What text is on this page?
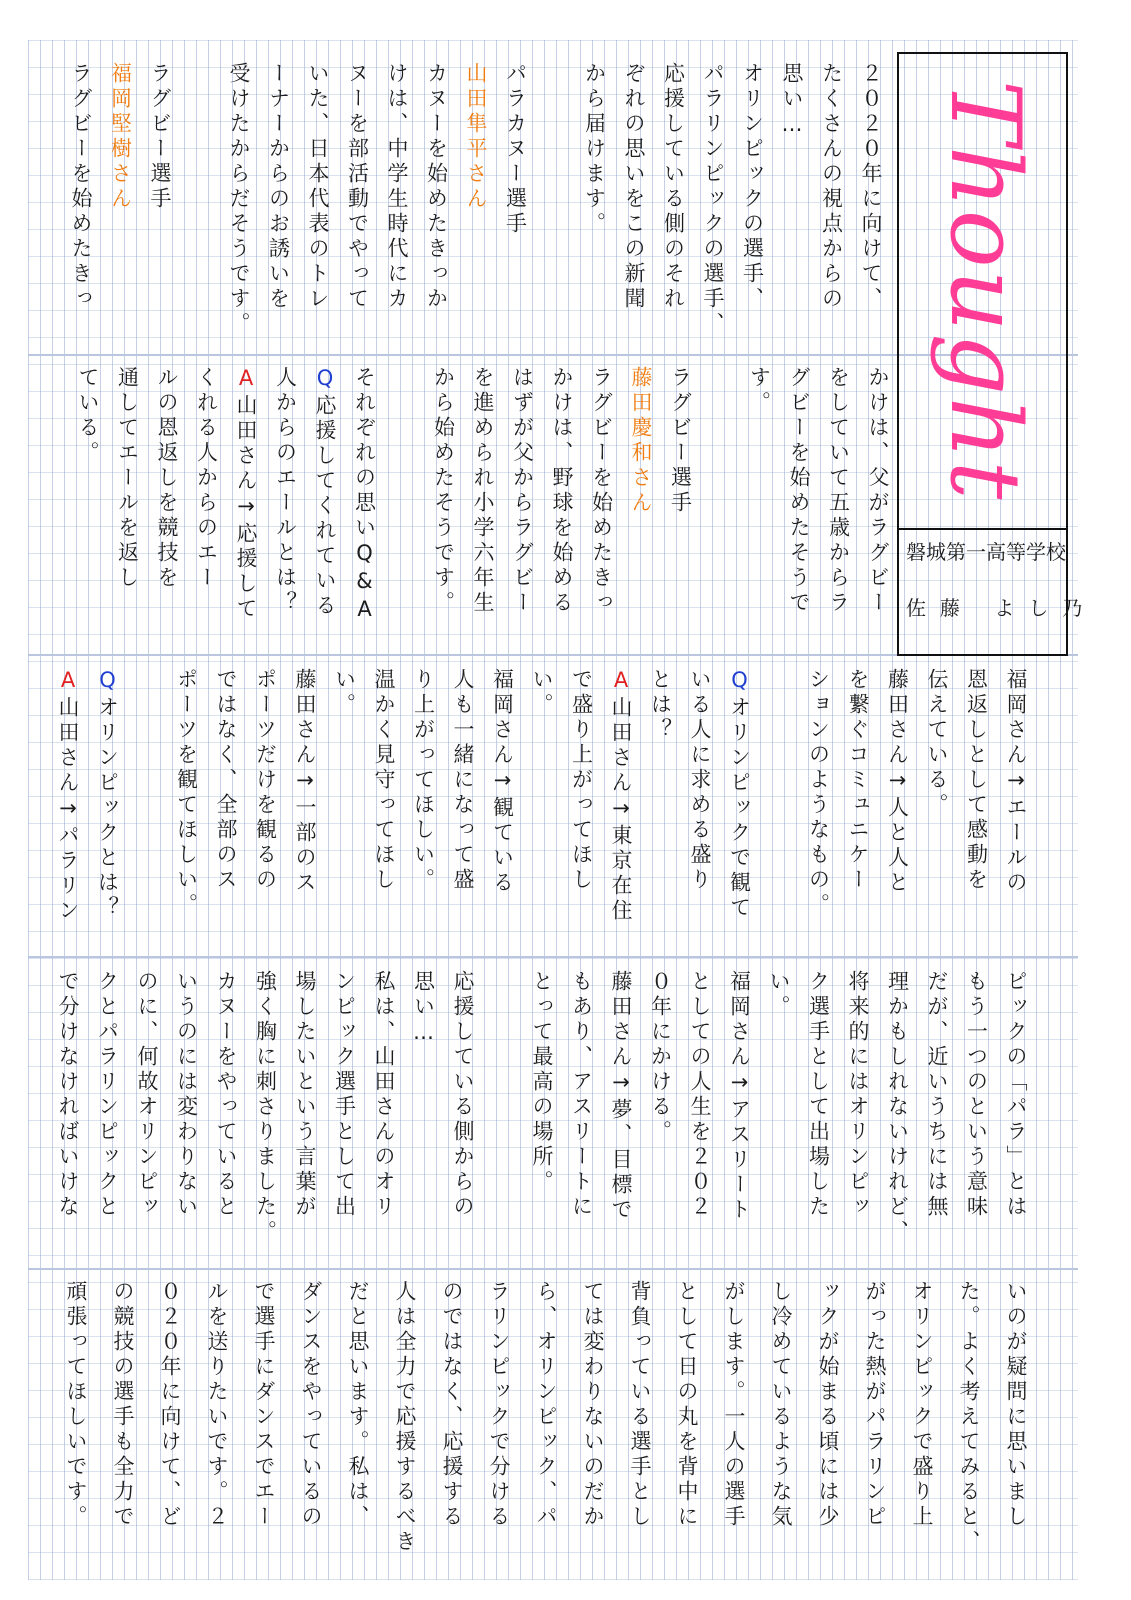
Thought
磐城第一高等学校
佐藤 よし乃
２０２０年に向けて、
たくさんの視点からの
思い…
オリンピックの選手、
パラリンピックの選手、
応援している側のそれ
ぞれの思いをこの新聞
から届けます。
パラカヌー選手
山田隼平さん
カヌーを始めたきっか
けは、中学生時代にカ
ヌーを部活動でやって
いた、日本代表のトレ
ーナーからのお誘いを
受けたからだそうです。
ラグビー選手
福岡堅樹さん
ラグビーを始めたきっ
かけは、父がラグビー
をしていて五歳からラ
グビーを始めたそうで
す。
ラグビー選手
藤田慶和さん
ラグビーを始めたきっ
かけは、野球を始める
はずが父からラグビー
を進められ小学六年生
から始めたそうです。
それぞれの思いQ&A
Q応援してくれている
人からのエールとは？
A山田さん→応援して
くれる人からのエー
ルの恩返しを競技を
通してエールを返し
ている。
福岡さん→エールの
恩返しとして感動を
伝えている。
藤田さん→人と人と
を繋ぐコミュニケー
ションのようなもの。
Qオリンピックで観て
いる人に求める盛り
とは？
A山田さん→東京在住
で盛り上がってほし
い。
福岡さん→観ている
人も一緒になって盛
り上がってほしい。
温かく見守ってほし
い。
藤田さん→一部のス
ポーツだけを観るの
ではなく、全部のス
ポーツを観てほしい。
Qオリンピックとは？
A山田さん→パラリン
ピックの「パラ」とは
もう一つのという意味
だが、近いうちには無
理かもしれないけれど、
将来的にはオリンピッ
ク選手として出場した
い。
福岡さん→アスリート
としての人生を２０２
０年にかける。
藤田さん→夢、目標で
もあり、アスリートに
とって最高の場所。
応援している側からの
思い…
私は、山田さんのオリ
ンピック選手として出
場したいという言葉が
強く胸に刺さりました。
カヌーをやっていると
いうのには変わりない
のに、何故オリンピッ
クとパラリンピックと
で分けなければいけな
いのが疑問に思いまし
た。よく考えてみると、
オリンピックで盛り上
がった熱がパラリンピ
ックが始まる頃には少
し冷めているような気
がします。一人の選手
として日の丸を背中に
背負っている選手とし
ては変わりないのだか
ら、オリンピック、パ
ラリンピックで分ける
のではなく、応援する
人は全力で応援するべき
だと思います。私は、
ダンスをやっているの
で選手にダンスでエー
ルを送りたいです。２
０２０年に向けて、ど
の競技の選手も全力で
頑張ってほしいです。
